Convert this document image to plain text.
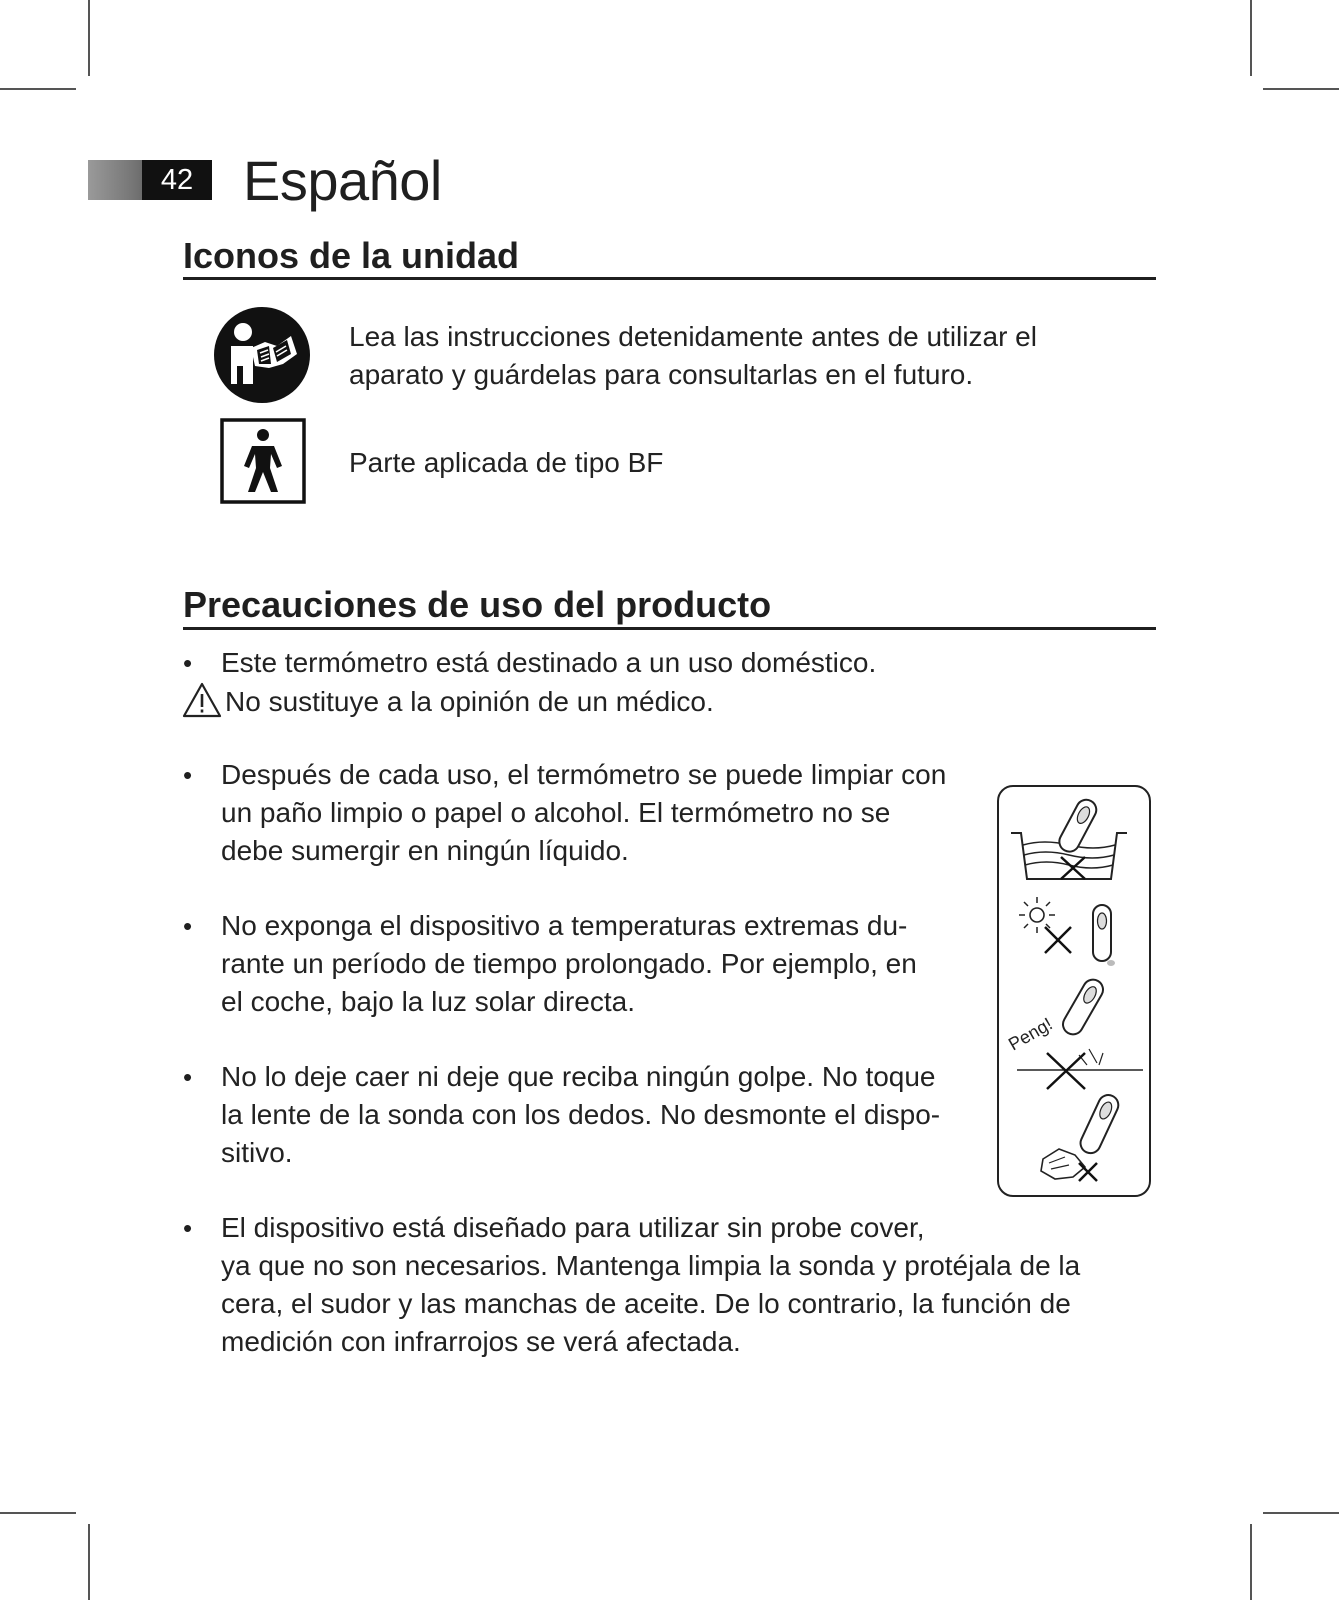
42 Español
Iconos de la unidad
Lea las instrucciones detenidamente antes de utilizar el
aparato y guárdelas para consultarlas en el futuro.
Parte aplicada de tipo BF
Precauciones de uso del producto
• Este termómetro está destinado a un uso doméstico.
No sustituye a la opinión de un médico.
• Después de cada uso, el termómetro se puede limpiar con
un paño limpio o papel o alcohol. El termómetro no se
debe sumergir en ningún líquido.
• No exponga el dispositivo a temperaturas extremas du-
rante un período de tiempo prolongado. Por ejemplo, en
el coche, bajo la luz solar directa.
• No lo deje caer ni deje que reciba ningún golpe. No toque
la lente de la sonda con los dedos. No desmonte el dispo-
sitivo.
• El dispositivo está diseñado para utilizar sin probe cover,
ya que no son necesarios. Mantenga limpia la sonda y protéjala de la
cera, el sudor y las manchas de aceite. De lo contrario, la función de
medición con infrarrojos se verá afectada.
Peng!
